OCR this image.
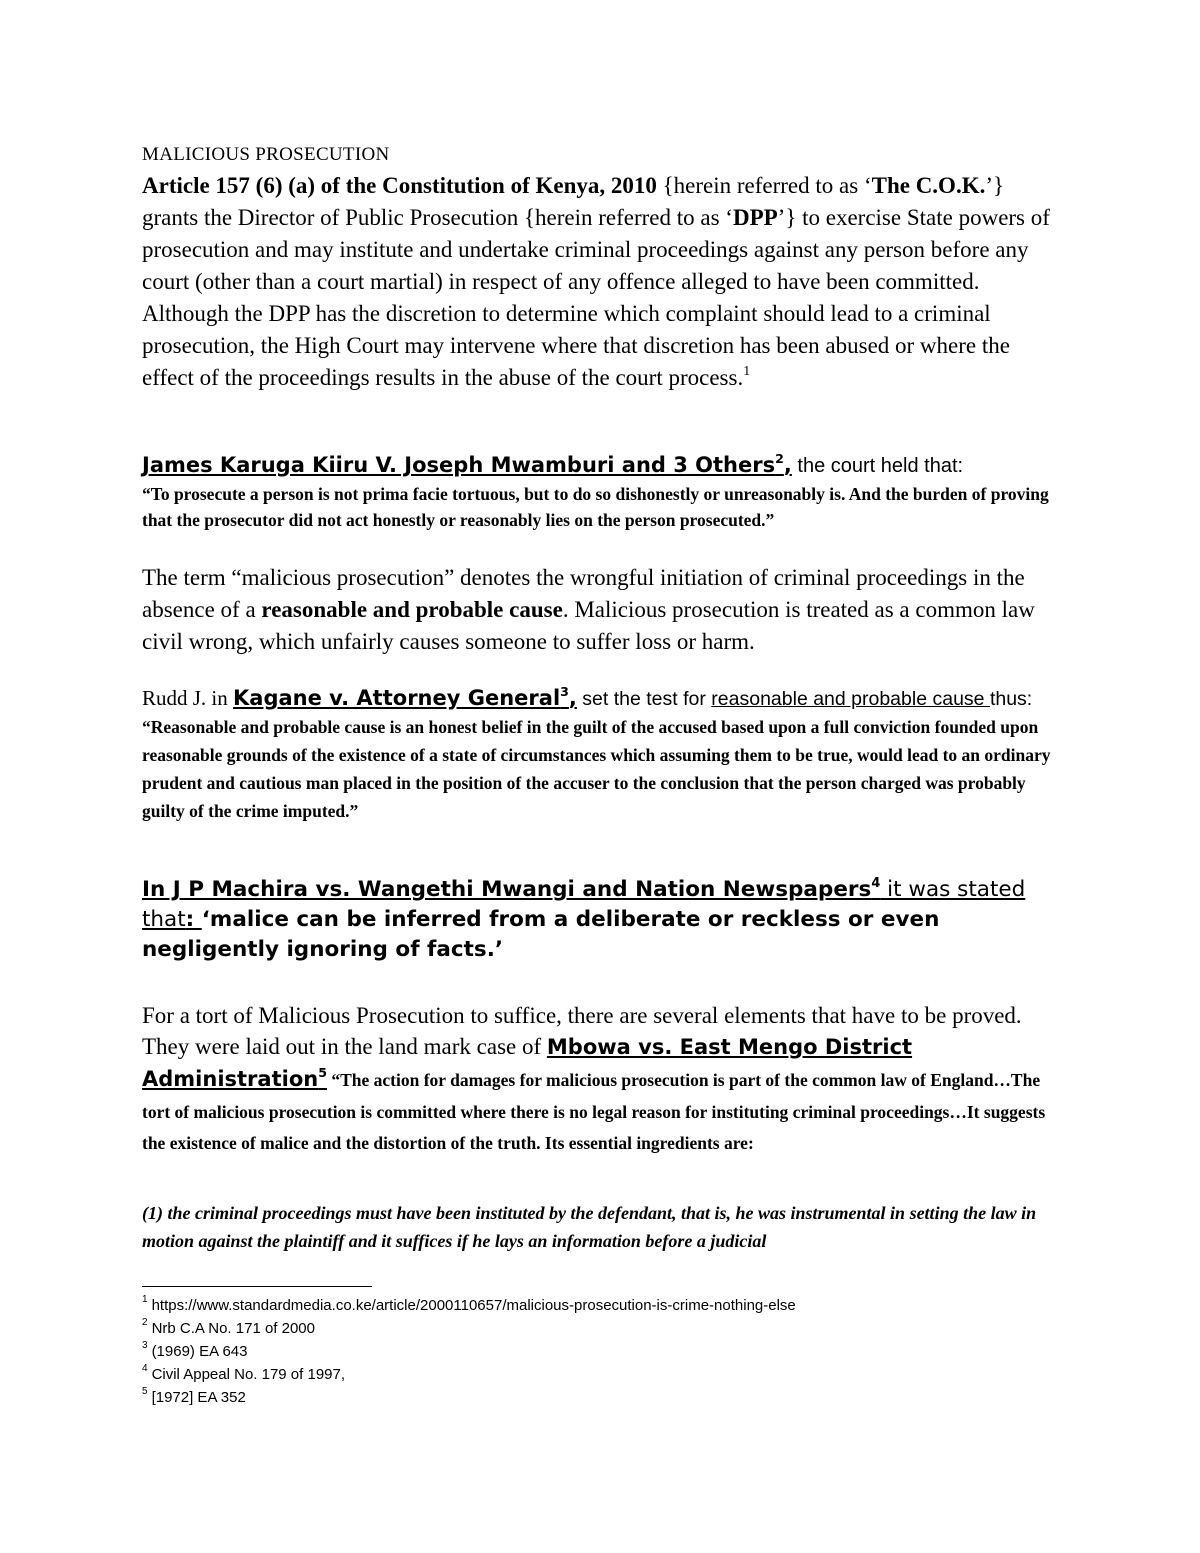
MALICIOUS PROSECUTION
Article 157 (6) (a) of the Constitution of Kenya, 2010 {herein referred to as ‘The C.O.K.’} grants the Director of Public Prosecution {herein referred to as ‘DPP’} to exercise State powers of prosecution and may institute and undertake criminal proceedings against any person before any court (other than a court martial) in respect of any offence alleged to have been committed. Although the DPP has the discretion to determine which complaint should lead to a criminal prosecution, the High Court may intervene where that discretion has been abused or where the effect of the proceedings results in the abuse of the court process.$^1$
James Karuga Kiiru V. Joseph Mwamburi and 3 Others$^2$, the court held that:
“To prosecute a person is not prima facie tortuous, but to do so dishonestly or unreasonably is. And the burden of proving that the prosecutor did not act honestly or reasonably lies on the person prosecuted.”
The term “malicious prosecution” denotes the wrongful initiation of criminal proceedings in the absence of a reasonable and probable cause. Malicious prosecution is treated as a common law civil wrong, which unfairly causes someone to suffer loss or harm.
Rudd J. in Kagane v. Attorney General$^3$, set the test for reasonable and probable cause thus: “Reasonable and probable cause is an honest belief in the guilt of the accused based upon a full conviction founded upon reasonable grounds of the existence of a state of circumstances which assuming them to be true, would lead to an ordinary prudent and cautious man placed in the position of the accuser to the conclusion that the person charged was probably guilty of the crime imputed.”
In J P Machira vs. Wangethi Mwangi and Nation Newspapers$^4$ it was stated that: ‘malice can be inferred from a deliberate or reckless or even negligently ignoring of facts.’
For a tort of Malicious Prosecution to suffice, there are several elements that have to be proved. They were laid out in the land mark case of Mbowa vs. East Mengo District Administration$^5$ “The action for damages for malicious prosecution is part of the common law of England…The tort of malicious prosecution is committed where there is no legal reason for instituting criminal proceedings…It suggests the existence of malice and the distortion of the truth. Its essential ingredients are:
(1) the criminal proceedings must have been instituted by the defendant, that is, he was instrumental in setting the law in motion against the plaintiff and it suffices if he lays an information before a judicial
$^1$ https://www.standardmedia.co.ke/article/2000110657/malicious-prosecution-is-crime-nothing-else
$^2$ Nrb C.A No. 171 of 2000
$^3$ (1969) EA 643
$^4$ Civil Appeal No. 179 of 1997,
$^5$ [1972] EA 352
